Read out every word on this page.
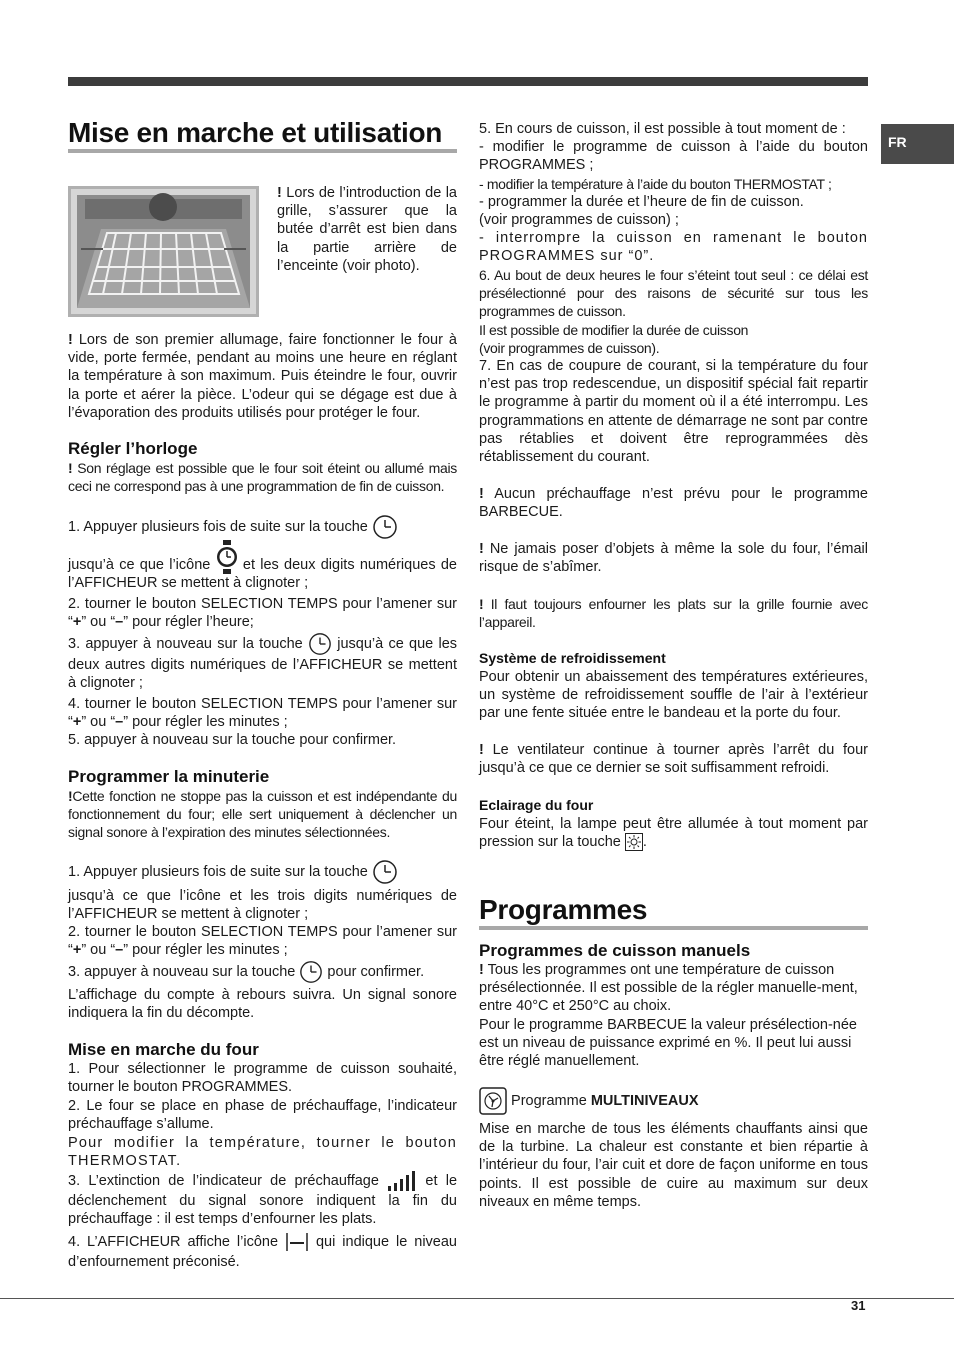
FR
Mise en marche et utilisation
! Lors de l’introduction de la grille, s’assurer que la butée d’arrêt est bien dans la partie arrière de l’enceinte (voir photo).
! Lors de son premier allumage, faire fonctionner le four à vide, porte fermée, pendant au moins une heure en réglant la température à son maximum. Puis éteindre le four, ouvrir la porte et aérer la pièce. L’odeur qui se dégage est due à l’évaporation des produits utilisés pour protéger le four.
Régler l’horloge
! Son réglage est possible que le four soit éteint ou allumé mais ceci ne correspond pas à une programmation de fin de cuisson.
1. Appuyer plusieurs fois de suite sur la touche
jusqu’à ce que l’icône et les deux digits numériques de l’AFFICHEUR se mettent à clignoter ;
2. tourner le bouton SELECTION TEMPS pour l’amener sur “+” ou “–” pour régler l’heure;
3. appuyer à nouveau sur la touche jusqu’à ce que les deux autres digits numériques de l’AFFICHEUR se mettent à clignoter ;
4. tourner le bouton SELECTION TEMPS pour l’amener sur “+” ou “–” pour régler les minutes ;
5. appuyer à nouveau sur la touche pour confirmer.
Programmer la minuterie
!Cette fonction ne stoppe pas la cuisson et est indépendante du fonctionnement du four; elle sert uniquement à déclencher un signal sonore à l’expiration des minutes sélectionnées.
1. Appuyer plusieurs fois de suite sur la touche
jusqu’à ce que l’icône et les trois digits numériques de l’AFFICHEUR se mettent à clignoter ;
2. tourner le bouton SELECTION TEMPS pour l’amener sur “+” ou “–” pour régler les minutes ;
3. appuyer à nouveau sur la touche pour confirmer.
L’affichage du compte à rebours suivra. Un signal sonore indiquera la fin du décompte.
Mise en marche du four
1. Pour sélectionner le programme de cuisson souhaité, tourner le bouton PROGRAMMES.
2. Le four se place en phase de préchauffage, l’indicateur préchauffage s’allume.
Pour modifier la température, tourner le bouton THERMOSTAT.
3. L’extinction de l’indicateur de préchauffage	et le déclenchement du signal sonore indiquent la fin du préchauffage : il est temps d’enfourner les plats.
4. L’AFFICHEUR affiche l’icône	qui indique le niveau d’enfournement préconisé.
5. En cours de cuisson, il est possible à tout moment de :
- modifier le programme de cuisson à l’aide du bouton PROGRAMMES ;
- modifier la température à l’aide du bouton THERMOSTAT ;
- programmer la durée et l’heure de fin de cuisson.
(voir programmes de cuisson) ;
- interrompre la cuisson en ramenant le bouton PROGRAMMES sur “0”.
6. Au bout de deux heures le four s’éteint tout seul : ce délai est présélectionné pour des raisons de sécurité sur tous les programmes de cuisson.
Il est possible de modifier la durée de cuisson
(voir programmes de cuisson).
7. En cas de coupure de courant, si la température du four n’est pas trop redescendue, un dispositif spécial fait repartir le programme à partir du moment où il a été interrompu. Les programmations en attente de démarrage ne sont par contre pas rétablies et doivent être reprogrammées dès rétablissement du courant.
! Aucun préchauffage n’est prévu pour le programme BARBECUE.
! Ne jamais poser d’objets à même la sole du four, l’émail risque de s’abîmer.
! Il faut toujours enfourner les plats sur la grille fournie avec l’appareil.
Système de refroidissement
Pour obtenir un abaissement des températures extérieures, un système de refroidissement souffle de l’air à l’extérieur par une fente située entre le bandeau et la porte du four.
! Le ventilateur continue à tourner après l’arrêt du four jusqu’à ce que ce dernier se soit suffisamment refroidi.
Eclairage du four
Four éteint, la lampe peut être allumée à tout moment par pression sur la touche .
Programmes
Programmes de cuisson manuels
! Tous les programmes ont une température de cuisson présélectionnée. Il est possible de la régler manuelle-ment, entre 40°C et 250°C au choix.
Pour le programme BARBECUE la valeur présélection-née est un niveau de puissance exprimé en %. Il peut lui aussi être réglé manuellement.
Programme MULTINIVEAUX
Mise en marche de tous les éléments chauffants ainsi que de la turbine. La chaleur est constante et bien répartie à l’intérieur du four, l’air cuit et dore de façon uniforme en tous points. Il est possible de cuire au maximum sur deux niveaux en même temps.
31
